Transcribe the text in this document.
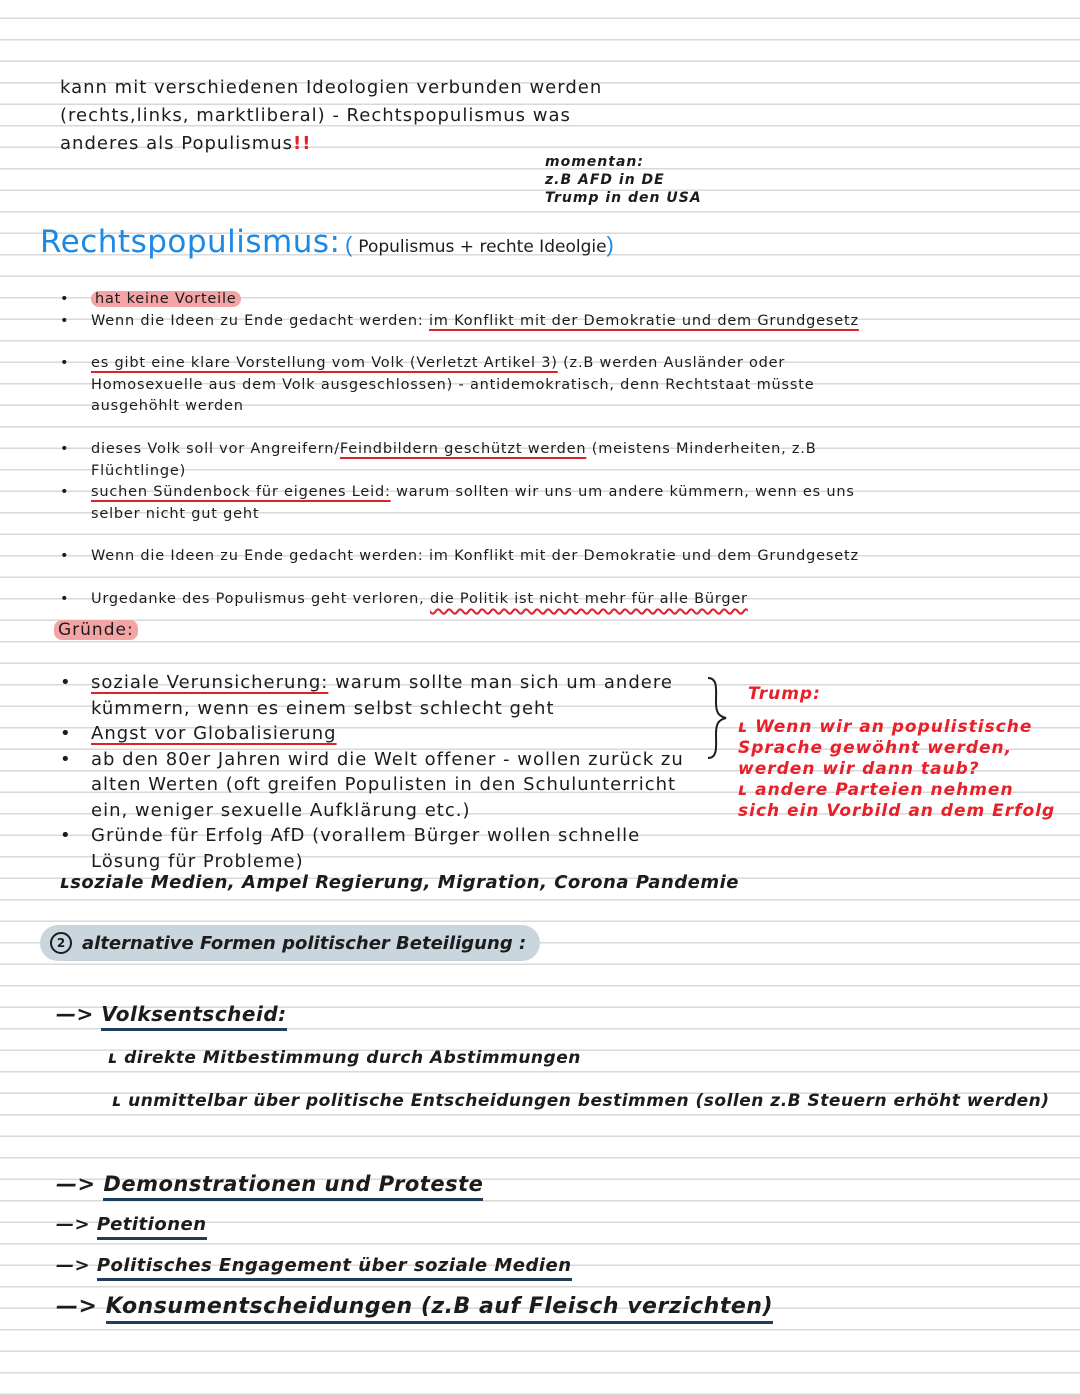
kann mit verschiedenen Ideologien verbunden werden
(rechts,links, marktliberal) - Rechtspopulismus was
anderes als Populismus!!
momentan:
z.B AFD in DE
Trump in den USA
Rechtspopulismus: ( Populismus + rechte Ideolgie)
• hat keine Vorteile
• Wenn die Ideen zu Ende gedacht werden: im Konflikt mit der Demokratie und dem Grundgesetz
• es gibt eine klare Vorstellung vom Volk (Verletzt Artikel 3) (z.B werden Ausländer oder Homosexuelle aus dem Volk ausgeschlossen) - antidemokratisch, denn Rechtstaat müsste ausgehöhlt werden
• dieses Volk soll vor Angreifern/Feindbildern geschützt werden (meistens Minderheiten, z.B Flüchtlinge)
• suchen Sündenbock für eigenes Leid: warum sollten wir uns um andere kümmern, wenn es uns selber nicht gut geht
• Wenn die Ideen zu Ende gedacht werden: im Konflikt mit der Demokratie und dem Grundgesetz
• Urgedanke des Populismus geht verloren, die Politik ist nicht mehr für alle Bürger
Gründe:
• soziale Verunsicherung: warum sollte man sich um andere kümmern, wenn es einem selbst schlecht geht
• Angst vor Globalisierung
• ab den 80er Jahren wird die Welt offener - wollen zurück zu alten Werten (oft greifen Populisten in den Schulunterricht ein, weniger sexuelle Aufklärung etc.)
• Gründe für Erfolg AfD (vorallem Bürger wollen schnelle Lösung für Probleme)
Trump:
ʟ Wenn wir an populistische Sprache gewöhnt werden, werden wir dann taub?
ʟ andere Parteien nehmen sich ein Vorbild an dem Erfolg
ʟsoziale Medien, Ampel Regierung, Migration, Corona Pandemie
2 alternative Formen politischer Beteiligung :
—> Volksentscheid:
ʟ direkte Mitbestimmung durch Abstimmungen
ʟ unmittelbar über politische Entscheidungen bestimmen (sollen z.B Steuern erhöht werden)
—> Demonstrationen und Proteste
—> Petitionen
—> Politisches Engagement über soziale Medien
—> Konsumentscheidungen (z.B auf Fleisch verzichten)
